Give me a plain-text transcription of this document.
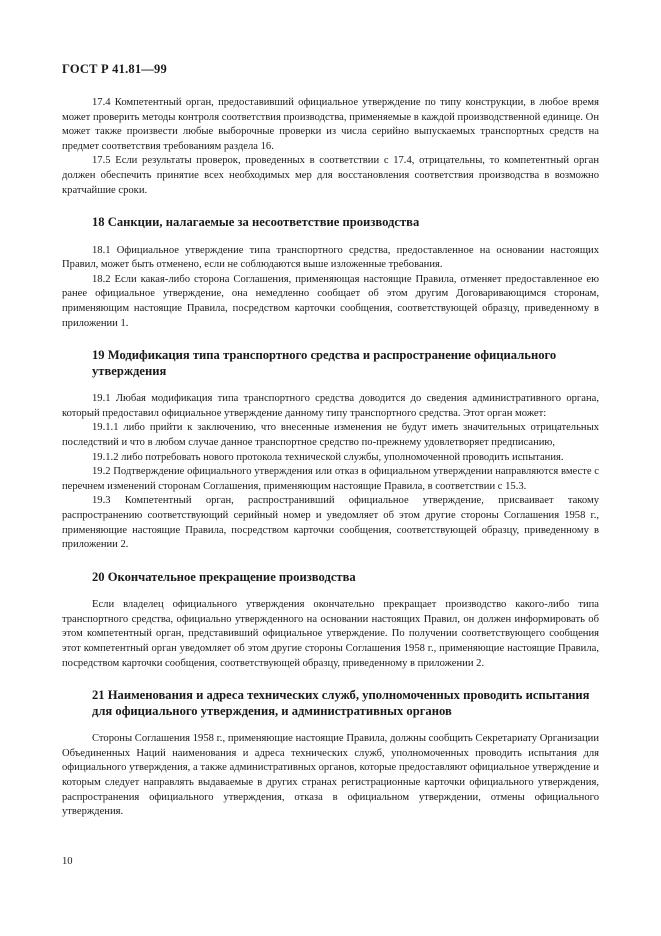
ГОСТ Р 41.81—99

17.4 Компетентный орган, предоставивший официальное утверждение по типу конструкции, в любое время может проверить методы контроля соответствия производства, применяемые в каждой производственной единице. Он может также произвести любые выборочные проверки из числа серийно выпускаемых транспортных средств на предмет соответствия требованиям раздела 16.

17.5 Если результаты проверок, проведенных в соответствии с 17.4, отрицательны, то компетентный орган должен обеспечить принятие всех необходимых мер для восстановления соответствия производства в возможно кратчайшие сроки.

18 Санкции, налагаемые за несоответствие производства

18.1 Официальное утверждение типа транспортного средства, предоставленное на основании настоящих Правил, может быть отменено, если не соблюдаются выше изложенные требования.

18.2 Если какая-либо сторона Соглашения, применяющая настоящие Правила, отменяет предоставленное ею ранее официальное утверждение, она немедленно сообщает об этом другим Договаривающимся сторонам, применяющим настоящие Правила, посредством карточки сообщения, соответствующей образцу, приведенному в приложении 1.

19 Модификация типа транспортного средства и распространение официального утверждения

19.1 Любая модификация типа транспортного средства доводится до сведения административного органа, который предоставил официальное утверждение данному типу транспортного средства. Этот орган может:

19.1.1 либо прийти к заключению, что внесенные изменения не будут иметь значительных отрицательных последствий и что в любом случае данное транспортное средство по-прежнему удовлетворяет предписанию,

19.1.2 либо потребовать нового протокола технической службы, уполномоченной проводить испытания.

19.2 Подтверждение официального утверждения или отказ в официальном утверждении направляются вместе с перечнем изменений сторонам Соглашения, применяющим настоящие Правила, в соответствии с 15.3.

19.3 Компетентный орган, распространивший официальное утверждение, присваивает такому распространению соответствующий серийный номер и уведомляет об этом другие стороны Соглашения 1958 г., применяющие настоящие Правила, посредством карточки сообщения, соответствующей образцу, приведенному в приложении 2.

20 Окончательное прекращение производства

Если владелец официального утверждения окончательно прекращает производство какого-либо типа транспортного средства, официально утвержденного на основании настоящих Правил, он должен информировать об этом компетентный орган, представивший официальное утверждение. По получении соответствующего сообщения этот компетентный орган уведомляет об этом другие стороны Соглашения 1958 г., применяющие настоящие Правила, посредством карточки сообщения, соответствующей образцу, приведенному в приложении 2.

21 Наименования и адреса технических служб, уполномоченных проводить испытания для официального утверждения, и административных органов

Стороны Соглашения 1958 г., применяющие настоящие Правила, должны сообщить Секретариату Организации Объединенных Наций наименования и адреса технических служб, уполномоченных проводить испытания для официального утверждения, а также административных органов, которые предоставляют официальное утверждение и которым следует направлять выдаваемые в других странах регистрационные карточки официального утверждения, распространения официального утверждения, отказа в официальном утверждении, отмены официального утверждения.

10
